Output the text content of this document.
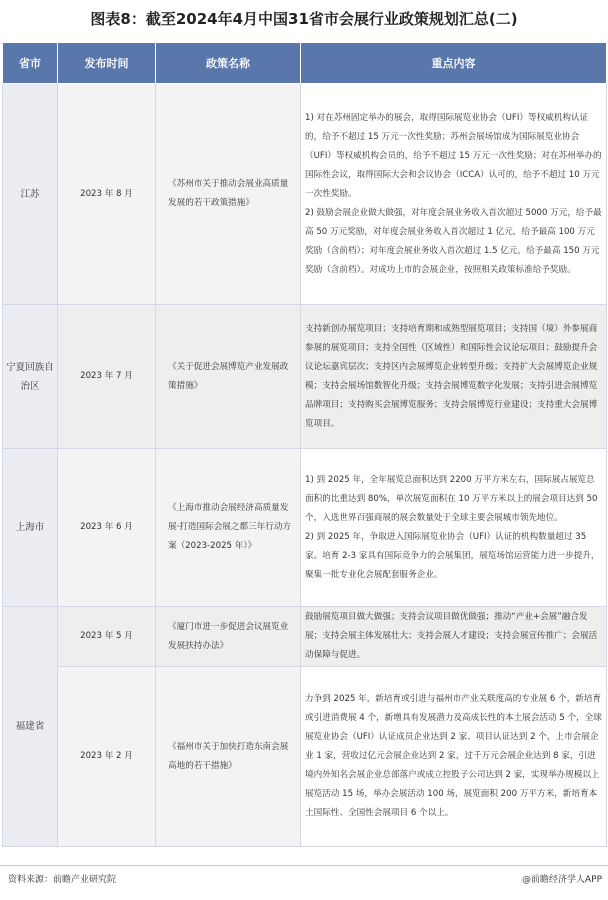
图表8：截至2024年4月中国31省市会展行业政策规划汇总(二)
省市	发布时间	政策名称	重点内容
江苏	2023 年 8 月	《苏州市关于推动会展业高质量发展的若干政策措施》	1) 对在苏州固定举办的展会，取得国际展览业协会（UFI）等权威机构认证的，给予不超过 15 万元一次性奖励；苏州会展场馆成为国际展览业协会（UFI）等权威机构会员的，给予不超过 15 万元一次性奖励；对在苏州举办的国际性会议，取得国际大会和会议协会（ICCA）认可的，给予不超过 10 万元一次性奖励。
2) 鼓励会展企业做大做强，对年度会展业务收入首次超过 5000 万元，给予最高 50 万元奖励，对年度会展业务收入首次超过 1 亿元，给予最高 100 万元奖励（含前档）；对年度会展业务收入首次超过 1.5 亿元，给予最高 150 万元奖励（含前档）。对成功上市的会展企业，按照相关政策标准给予奖励。

宁夏回族自治区	2023 年 7 月	《关于促进会展博览产业发展政策措施》	支持新创办展览项目；支持培育期和成熟型展览项目；支持国（境）外参展商参展的展览项目；支持全国性（区域性）和国际性会议论坛项目；鼓励提升会议论坛嘉宾层次；支持区内会展博览企业转型升级；支持扩大会展博览企业规模；支持会展场馆数智化升级；支持会展博览数字化发展；支持引进会展博览品牌项目；支持购买会展博览服务；支持会展博览行业建设；支持重大会展博览项目。

上海市	2023 年 6 月	《上海市推动会展经济高质量发展·打造国际会展之都三年行动方案（2023-2025 年）》	1) 到 2025 年，全年展览总面积达到 2200 万平方米左右，国际展占展览总面积的比重达到 80%，单次展览面积在 10 万平方米以上的展会项目达到 50 个，入选世界百强商展的展会数量处于全球主要会展城市领先地位。
2) 到 2025 年，争取进入国际展览业协会（UFI）认证的机构数量超过 35 家。培育 2-3 家具有国际竞争力的会展集团，展览场馆运营能力进一步提升，聚集一批专业化会展配套服务企业。

福建省	2023 年 5 月	《厦门市进一步促进会议展览业发展扶持办法》	鼓励展览项目做大做强；支持会议项目做优做强；推动“产业+会展”融合发展；支持会展主体发展壮大；支持会展人才建设；支持会展宣传推广；会展活动保障与促进。

	2023 年 2 月	《福州市关于加快打造东南会展高地的若干措施》	力争到 2025 年，新培育或引进与福州市产业关联度高的专业展 6 个，新培育或引进消费展 4 个，新增具有发展潜力及高成长性的本土展会活动 5 个，全球展览业协会（UFI）认证成员企业达到 2 家、项目认证达到 2 个，上市会展企业 1 家，营收过亿元会展企业达到 2 家，过千万元会展企业达到 8 家，引进境内外知名会展企业总部落户或成立控股子公司达到 2 家，实现举办规模以上展览活动 15 场，举办会展活动 100 场，展览面积 200 万平方米，新培育本土国际性、全国性会展项目 6 个以上。
资料来源：前瞻产业研究院	@前瞻经济学人APP
